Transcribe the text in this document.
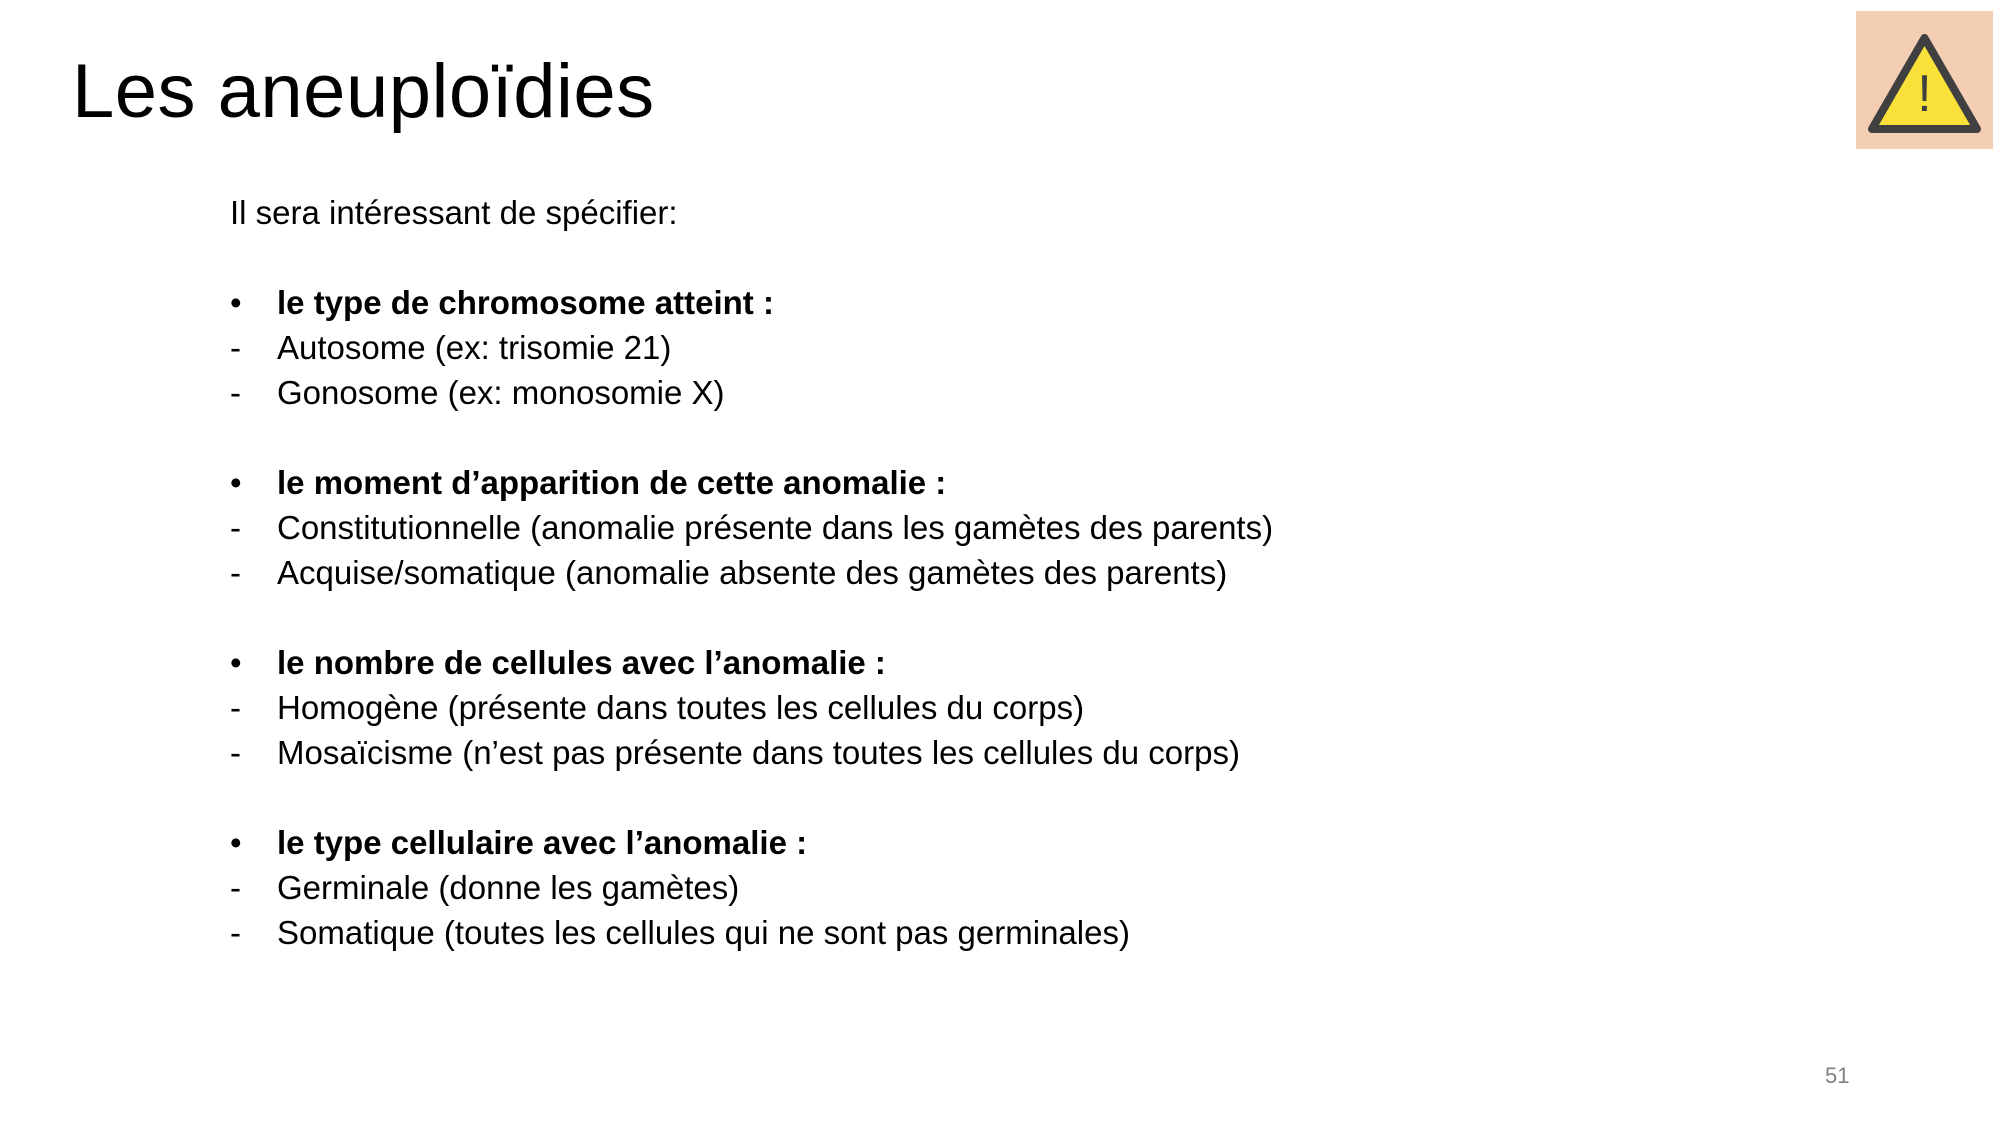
Les aneuploïdies	!

Il sera intéressant de spécifier:

•	le type de chromosome atteint :
-	Autosome (ex: trisomie 21)
-	Gonosome (ex: monosomie X)
•	le moment d’apparition de cette anomalie :
-	Constitutionnelle (anomalie présente dans les gamètes des parents)
-	Acquise/somatique (anomalie absente des gamètes des parents)
•	le nombre de cellules avec l’anomalie :
-	Homogène (présente dans toutes les cellules du corps)
-	Mosaïcisme (n’est pas présente dans toutes les cellules du corps)
•	le type cellulaire avec l’anomalie :
-	Germinale (donne les gamètes)
-	Somatique (toutes les cellules qui ne sont pas germinales)
51
